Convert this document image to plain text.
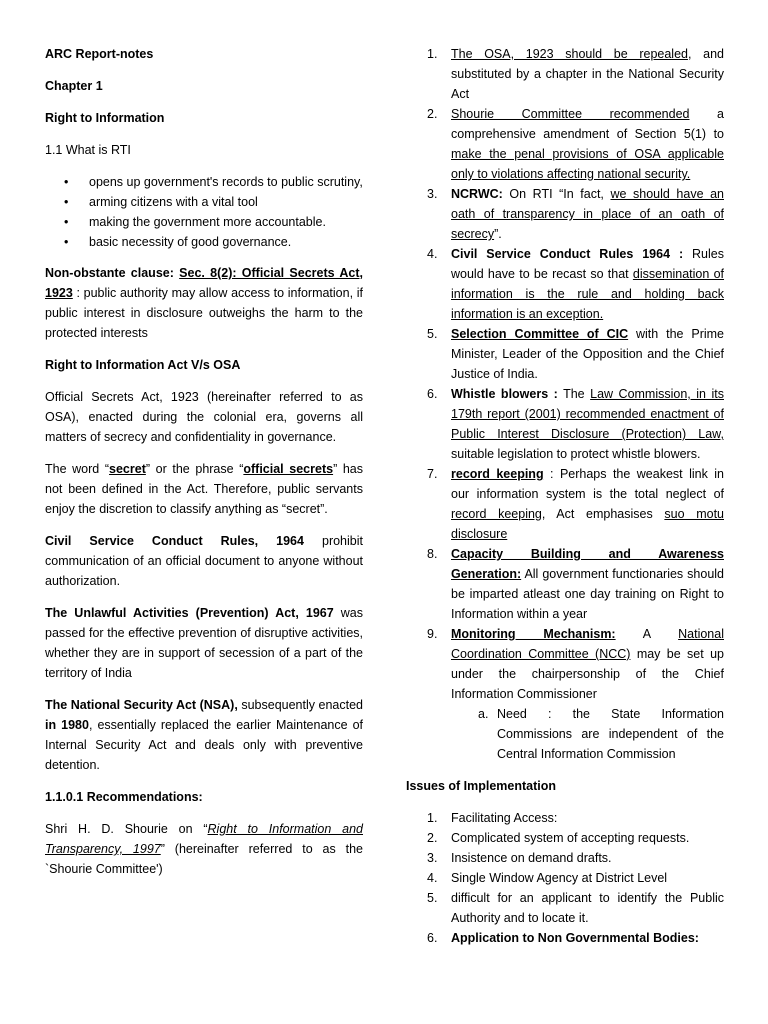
ARC Report-notes

Chapter 1

Right to Information

1.1 What is RTI

• opens up government's records to public scrutiny,
• arming citizens with a vital tool
• making the government more accountable.
• basic necessity of good governance.

Non-obstante clause: Sec. 8(2): Official Secrets Act, 1923 : public authority may allow access to information, if public interest in disclosure outweighs the harm to the protected interests

Right to Information Act V/s OSA

Official Secrets Act, 1923 (hereinafter referred to as OSA), enacted during the colonial era, governs all matters of secrecy and confidentiality in governance.

The word “secret” or the phrase “official secrets” has not been defined in the Act. Therefore, public servants enjoy the discretion to classify anything as “secret”.

Civil Service Conduct Rules, 1964 prohibit communication of an official document to anyone without authorization.

The Unlawful Activities (Prevention) Act, 1967 was passed for the effective prevention of disruptive activities, whether they are in support of secession of a part of the territory of India

The National Security Act (NSA), subsequently enacted in 1980, essentially replaced the earlier Maintenance of Internal Security Act and deals only with preventive detention.

1.1.0.1 Recommendations:

Shri H. D. Shourie on “Right to Information and Transparency, 1997” (hereinafter referred to as the `Shourie Committee')

1. The OSA, 1923 should be repealed, and substituted by a chapter in the National Security Act
2. Shourie Committee recommended a comprehensive amendment of Section 5(1) to make the penal provisions of OSA applicable only to violations affecting national security.
3. NCRWC: On RTI “In fact, we should have an oath of transparency in place of an oath of secrecy”.
4. Civil Service Conduct Rules 1964 : Rules would have to be recast so that dissemination of information is the rule and holding back information is an exception.
5. Selection Committee of CIC with the Prime Minister, Leader of the Opposition and the Chief Justice of India.
6. Whistle blowers : The Law Commission, in its 179th report (2001) recommended enactment of Public Interest Disclosure (Protection) Law, suitable legislation to protect whistle blowers.
7. record keeping : Perhaps the weakest link in our information system is the total neglect of record keeping, Act emphasises suo motu disclosure
8. Capacity Building and Awareness Generation: All government functionaries should be imparted atleast one day training on Right to Information within a year
9. Monitoring Mechanism: A National Coordination Committee (NCC) may be set up under the chairpersonship of the Chief Information Commissioner
a. Need : the State Information Commissions are independent of the Central Information Commission

Issues of Implementation

1. Facilitating Access:
2. Complicated system of accepting requests.
3. Insistence on demand drafts.
4. Single Window Agency at District Level
5. difficult for an applicant to identify the Public Authority and to locate it.
6. Application to Non Governmental Bodies:
